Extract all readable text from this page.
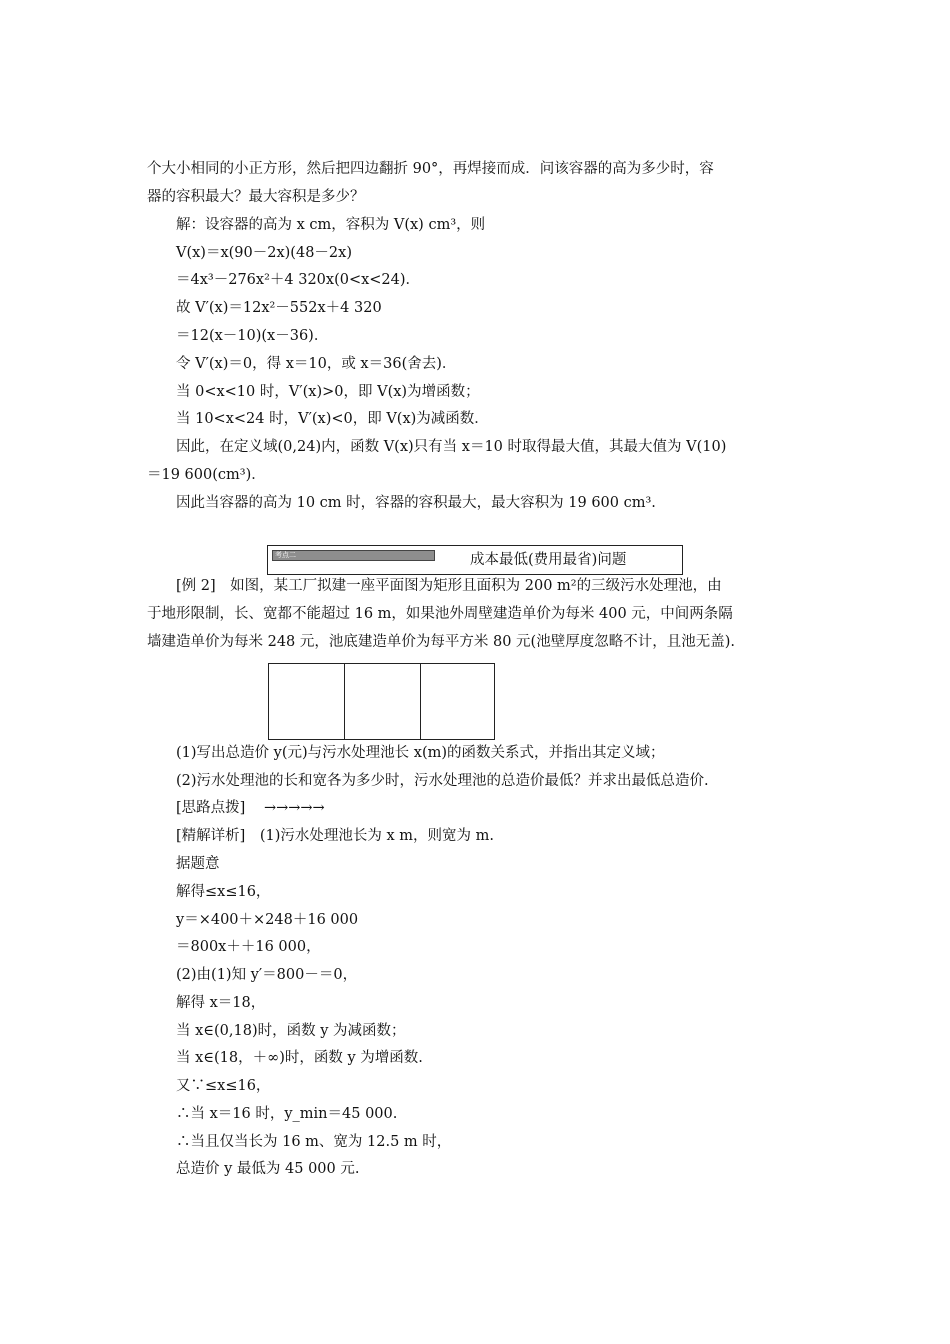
个大小相同的小正方形，然后把四边翻折 90°，再焊接而成．问该容器的高为多少时，容
器的容积最大？最大容积是多少？
解：设容器的高为 x cm，容积为 V(x) cm³，则
V(x)＝x(90－2x)(48－2x)
＝4x³－276x²＋4 320x(0<x<24)．
故 V′(x)＝12x²－552x＋4 320
＝12(x－10)(x－36)．
令 V′(x)＝0，得 x＝10，或 x＝36(舍去)．
当 0<x<10 时，V′(x)>0，即 V(x)为增函数；
当 10<x<24 时，V′(x)<0，即 V(x)为减函数．
因此，在定义域(0,24)内，函数 V(x)只有当 x＝10 时取得最大值，其最大值为 V(10)
＝19 600(cm³)．
因此当容器的高为 10 cm 时，容器的容积最大，最大容积为 19 600 cm³.
考点二	成本最低(费用最省)问题
[例 2]　如图，某工厂拟建一座平面图为矩形且面积为 200 m²的三级污水处理池，由
于地形限制，长、宽都不能超过 16 m，如果池外周壁建造单价为每米 400 元，中间两条隔
墙建造单价为每米 248 元，池底建造单价为每平方米 80 元(池壁厚度忽略不计，且池无盖).
(1)写出总造价 y(元)与污水处理池长 x(m)的函数关系式，并指出其定义域；
(2)污水处理池的长和宽各为多少时，污水处理池的总造价最低？并求出最低总造价.
[思路点拨] →→→→→
[精解详析]　(1)污水处理池长为 x m，则宽为 m.
据题意
解得≤x≤16，
y＝×400＋×248＋16 000
＝800x＋＋16 000，
(2)由(1)知 y′＝800－＝0，
解得 x＝18，
当 x∈(0,18)时，函数 y 为减函数；
当 x∈(18，＋∞)时，函数 y 为增函数.
又∵≤x≤16，
∴当 x＝16 时，y_min＝45 000.
∴当且仅当长为 16 m、宽为 12.5 m 时，
总造价 y 最低为 45 000 元.
